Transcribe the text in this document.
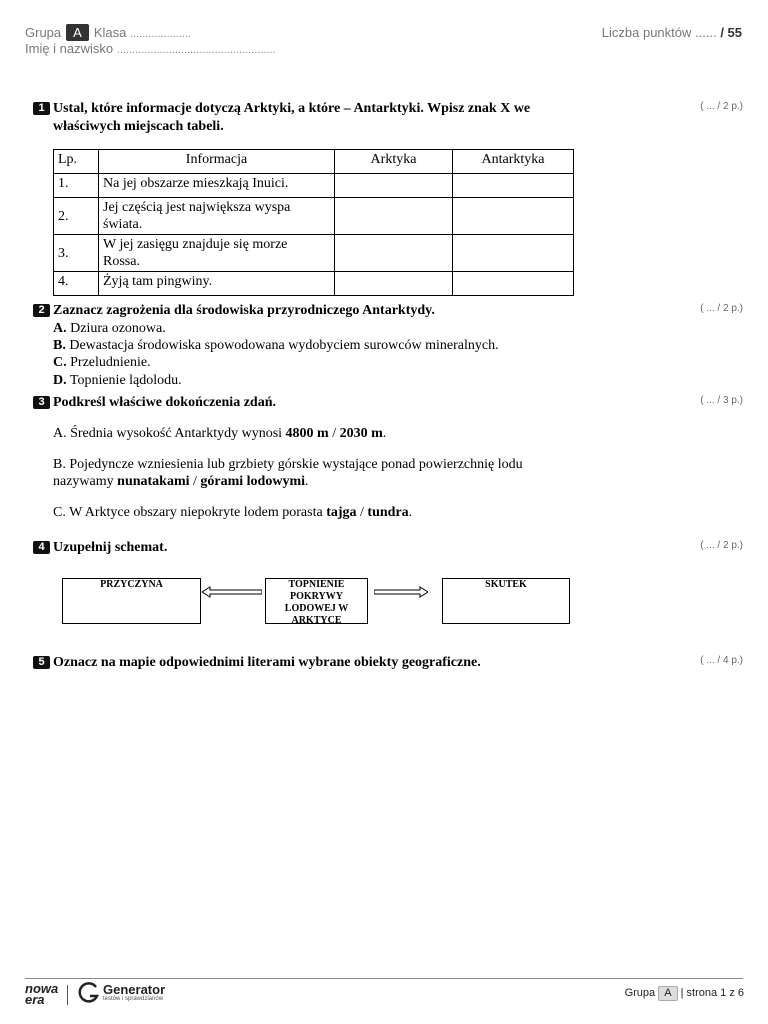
Grupa A Klasa ....................
Imię i nazwisko ....................................................
Liczba punktów ...... / 55
1 Ustal, które informacje dotyczą Arktyki, a które – Antarktyki. Wpisz znak X we
właściwych miejscach tabeli.
( ... / 2 p.)
Lp.	Informacja	Arktyka	Antarktyka
1.	Na jej obszarze mieszkają Inuici.		
2.	Jej częścią jest największa wyspa
świata.		

3.	W jej zasięgu znajduje się morze
Rossa.		

4.	Żyją tam pingwiny.		
2 Zaznacz zagrożenia dla środowiska przyrodniczego Antarktydy.	( ... / 2 p.)
A. Dziura ozonowa.
B. Dewastacja środowiska spowodowana wydobyciem surowców mineralnych.
C. Przeludnienie.
D. Topnienie lądolodu.
3 Podkreśl właściwe dokończenia zdań.	( ... / 3 p.)
A. Średnia wysokość Antarktydy wynosi 4800 m / 2030 m.
B. Pojedyncze wzniesienia lub grzbiety górskie wystające ponad powierzchnię lodu
nazywamy nunatakami / górami lodowymi.
C. W Arktyce obszary niepokryte lodem porasta tajga / tundra.
4 Uzupełnij schemat.	( ... / 2 p.)
PRZYCZYNA	TOPNIENIE POKRYWY LODOWEJ W ARKTYCE
SKUTEK
5 Oznacz na mapie odpowiednimi literami wybrane obiekty geograficzne.	( ... / 4 p.)
nowa
era
Generator
testów i sprawdzianów	Grupa A | strona 1 z 6
